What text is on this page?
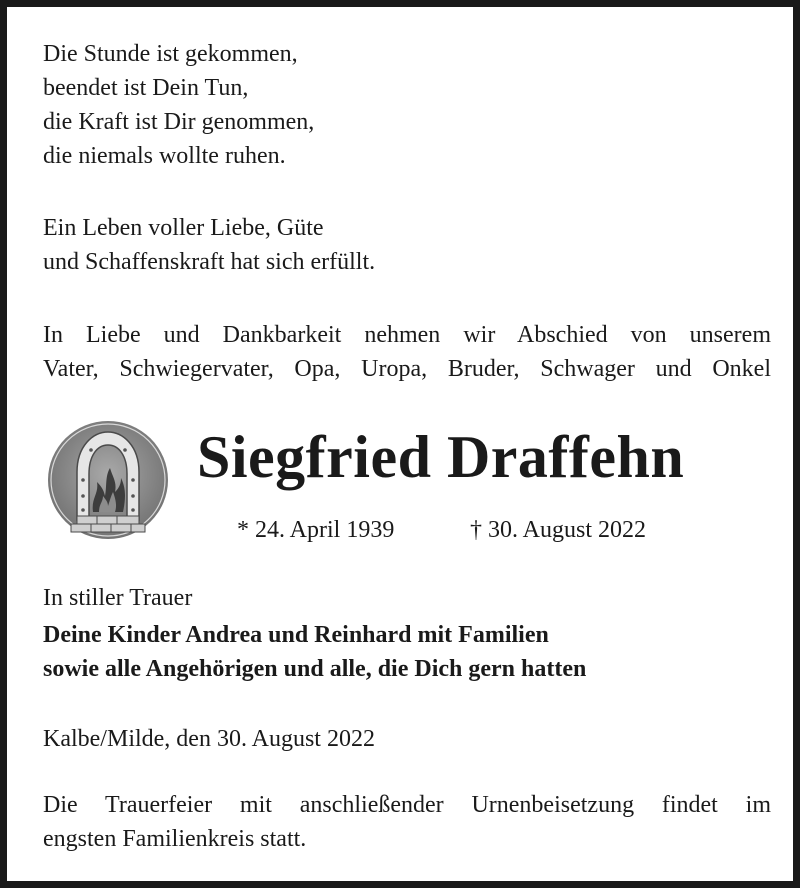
Die Stunde ist gekommen,
beendet ist Dein Tun,
die Kraft ist Dir genommen,
die niemals wollte ruhen.

Ein Leben voller Liebe, Güte
und Schaffenskraft hat sich erfüllt.

In Liebe und Dankbarkeit nehmen wir Abschied von unserem
Vater, Schwiegervater, Opa, Uropa, Bruder, Schwager und Onkel

Siegfried Draffehn
* 24. April 1939	† 30. August 2022

In stiller Trauer

Deine Kinder Andrea und Reinhard mit Familien
sowie alle Angehörigen und alle, die Dich gern hatten

Kalbe/Milde, den 30. August 2022

Die Trauerfeier mit anschließender Urnenbeisetzung findet im
engsten Familienkreis statt.
